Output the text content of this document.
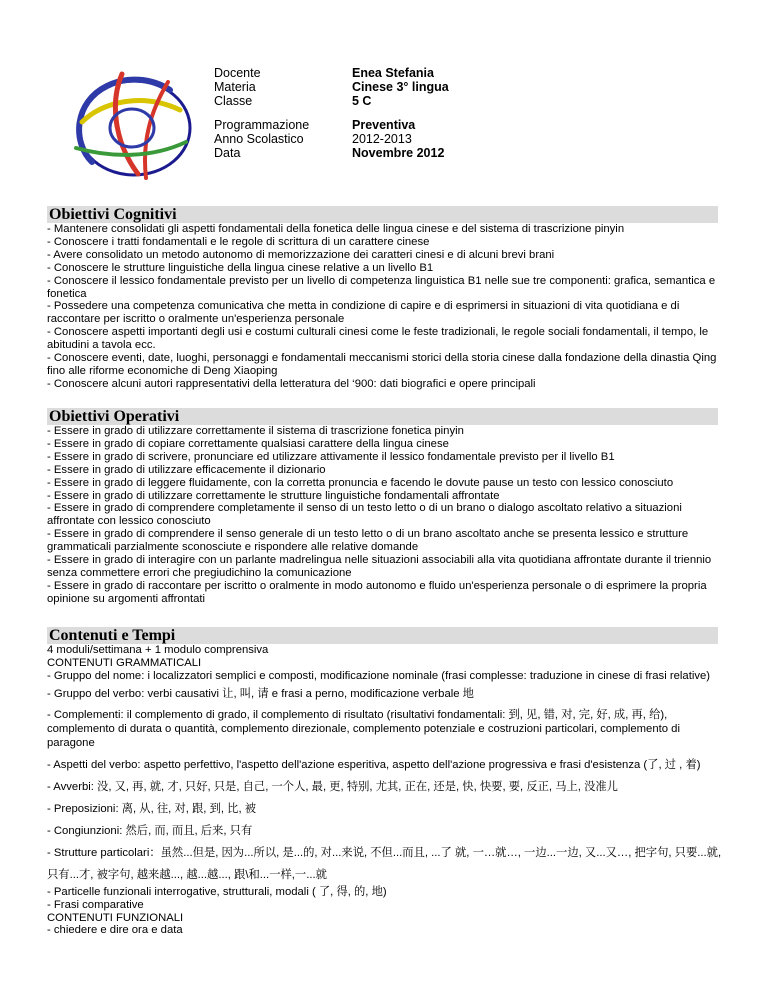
Docente
Materia
Classe
Programmazione
Anno Scolastico
Data
Enea Stefania
Cinese 3° lingua
5 C
Preventiva
2012-2013
Novembre 2012
Obiettivi Cognitivi
- Mantenere consolidati gli aspetti fondamentali della fonetica delle lingua cinese e del sistema di trascrizione pinyin
- Conoscere i tratti fondamentali e le regole di scrittura di un carattere cinese
- Avere consolidato un metodo autonomo di memorizzazione dei caratteri cinesi e di alcuni brevi brani
- Conoscere le strutture linguistiche della lingua cinese relative a un livello B1
- Conoscere il lessico fondamentale previsto per un livello di competenza linguistica B1 nelle sue tre componenti: grafica, semantica e fonetica
- Possedere una competenza comunicativa che metta in condizione di capire e di esprimersi in situazioni di vita quotidiana e di raccontare per iscritto o oralmente un'esperienza personale
- Conoscere aspetti importanti degli usi e costumi culturali cinesi come le feste tradizionali, le regole sociali fondamentali, il tempo, le abitudini a tavola ecc.
- Conoscere eventi, date, luoghi, personaggi e fondamentali meccanismi storici della storia cinese dalla fondazione della dinastia Qing fino alle riforme economiche di Deng Xiaoping
- Conoscere alcuni autori rappresentativi della letteratura del ‘900: dati biografici e opere principali
Obiettivi Operativi
- Essere in grado di utilizzare correttamente il sistema di trascrizione fonetica pinyin
- Essere in grado di copiare correttamente qualsiasi carattere della lingua cinese
- Essere in grado di scrivere, pronunciare ed utilizzare attivamente il lessico fondamentale previsto per il livello B1
- Essere in grado di utilizzare efficacemente il dizionario
- Essere in grado di leggere fluidamente, con la corretta pronuncia e facendo le dovute pause un testo con lessico conosciuto
- Essere in grado di utilizzare correttamente le strutture linguistiche fondamentali affrontate
- Essere in grado di comprendere completamente il senso di un testo letto o di un brano o dialogo ascoltato relativo a situazioni affrontate con lessico conosciuto
- Essere in grado di comprendere il senso generale di un testo letto o di un brano ascoltato anche se presenta lessico e strutture grammaticali parzialmente sconosciute e rispondere alle relative domande
- Essere in grado di interagire con un parlante madrelingua nelle situazioni associabili alla vita quotidiana affrontate durante il triennio senza commettere errori che pregiudichino la comunicazione
- Essere in grado di raccontare per iscritto o oralmente in modo autonomo e fluido un'esperienza personale o di esprimere la propria opinione su argomenti affrontati
Contenuti e Tempi
4 moduli/settimana + 1 modulo comprensiva
CONTENUTI GRAMMATICALI
- Gruppo del nome: i localizzatori semplici e composti, modificazione nominale (frasi complesse: traduzione in cinese di frasi relative)
- Gruppo del verbo: verbi causativi 让, 叫, 请 e frasi a perno, modificazione verbale 地
- Complementi: il complemento di grado, il complemento di risultato (risultativi fondamentali: 到, 见, 错, 对, 完, 好, 成, 再, 给), complemento di durata o quantità, complemento direzionale, complemento potenziale e costruzioni particolari, complemento di paragone
- Aspetti del verbo: aspetto perfettivo, l'aspetto dell'azione esperitiva, aspetto dell'azione progressiva e frasi d'esistenza (了, 过 , 着)
- Avverbi: 没, 又, 再, 就, 才, 只好, 只是, 自己, 一个人, 最, 更, 特别, 尤其, 正在, 还是, 快, 快要, 要, 反正, 马上, 没准儿
- Preposizioni: 离, 从, 往, 对, 跟, 到, 比, 被
- Congiunzioni: 然后, 而, 而且, 后来, 只有
- Strutture particolari：虽然...但是, 因为...所以, 是...的, 对...来说, 不但...而且, ...了 就, 一…就…, 一边...一边, 又...又…, 把字句, 只要...就, 只有...才, 被字句, 越来越..., 越...越..., 跟\和...一样,一...就
- Particelle funzionali interrogative, strutturali, modali ( 了, 得, 的, 地)
- Frasi comparative
CONTENUTI FUNZIONALI
- chiedere e dire ora e data
